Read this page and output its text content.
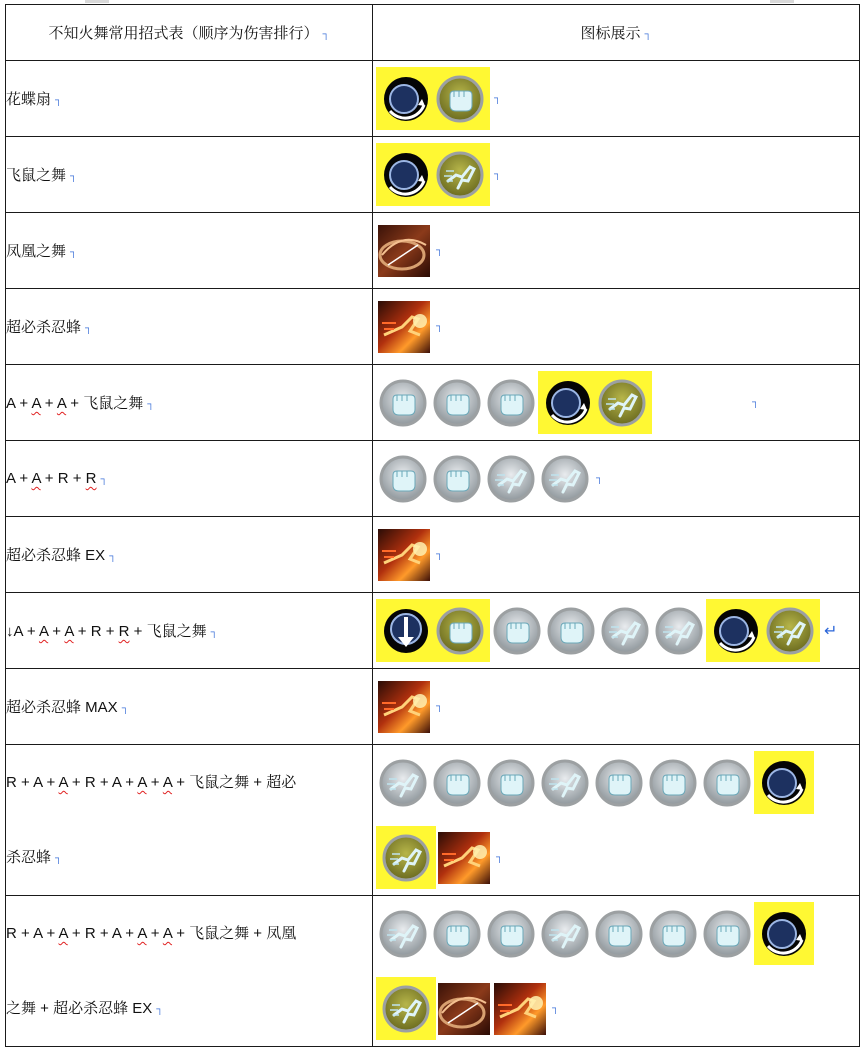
不知火舞常用招式表（顺序为伤害排行） ┐	图标展示 ┐
花蝶扇 ┐	┐

飞鼠之舞 ┐	┐

凤凰之舞 ┐	┐

超必杀忍蜂 ┐	┐

A + A + A + 飞鼠之舞 ┐	┐

A + A + R + R ┐	┐

超必杀忍蜂 EX ┐	┐

↓A + A + A + R + R + 飞鼠之舞 ┐	↵

超必杀忍蜂 MAX ┐	┐

R + A + A + R + A + A + A + 飞鼠之舞 + 超必
杀忍蜂 ┐	┐

R + A + A + R + A + A + A + 飞鼠之舞 + 凤凰
之舞 + 超必杀忍蜂 EX ┐	┐
